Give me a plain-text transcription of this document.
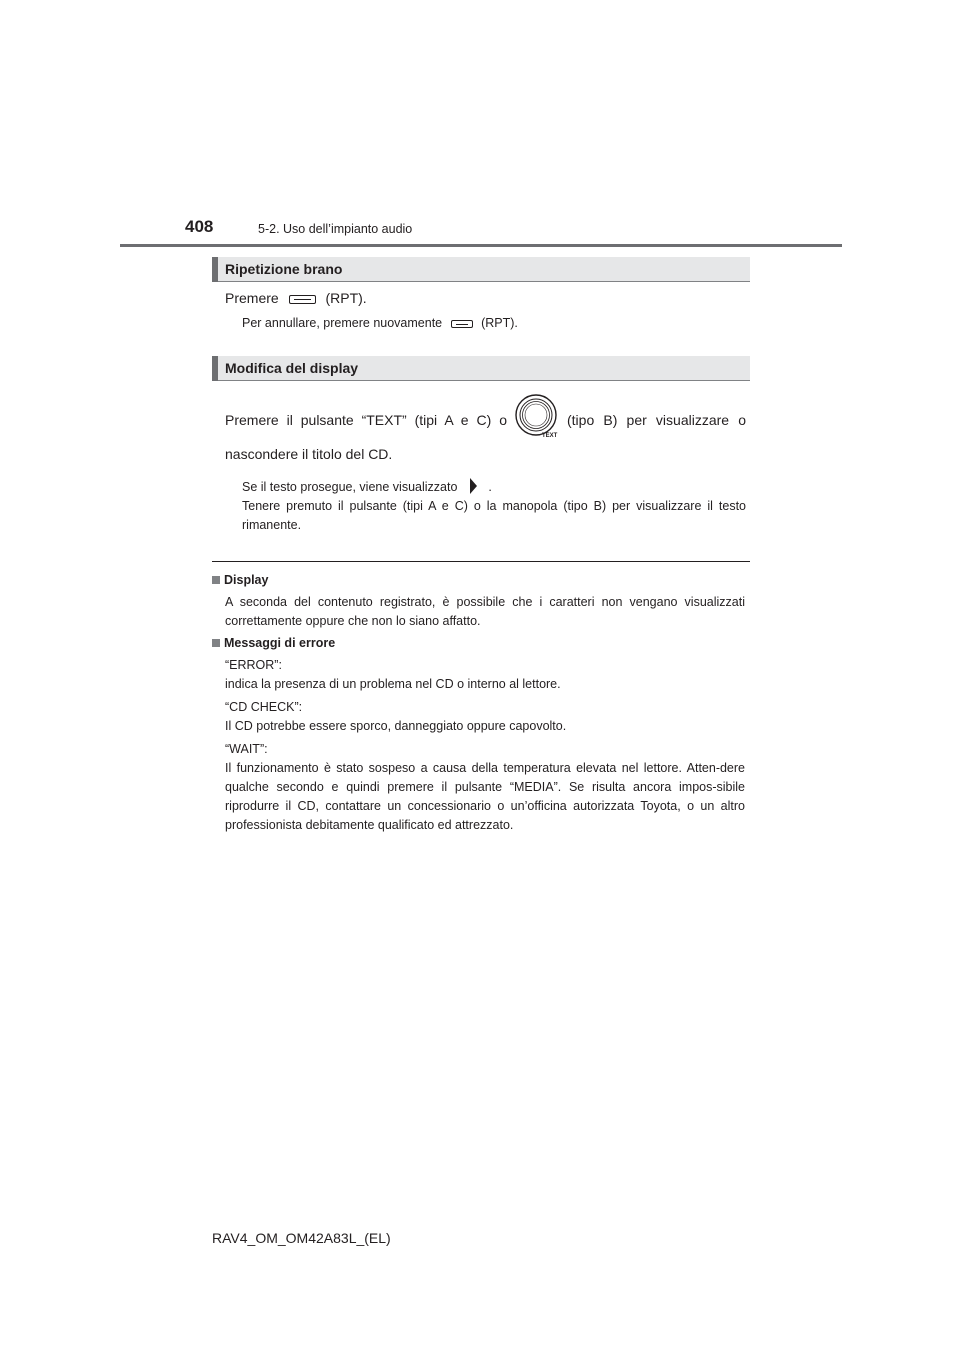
408	5-2. Uso dell’impianto audio
Ripetizione brano
Premere	(RPT).
Per annullare, premere nuovamente	(RPT).
Modifica del display
Premere il pulsante “TEXT” (tipi A e C) o
TEXT
(tipo B) per visualizzare o
nascondere il titolo del CD.
Se il testo prosegue, viene visualizzato .
Tenere premuto il pulsante (tipi A e C) o la manopola (tipo B) per visualizzare il testo rimanente.
Display
A seconda del contenuto registrato, è possibile che i caratteri non vengano visualizzati correttamente oppure che non lo siano affatto.
Messaggi di errore
“ERROR”:
indica la presenza di un problema nel CD o interno al lettore.
“CD CHECK”:
Il CD potrebbe essere sporco, danneggiato oppure capovolto.
“WAIT”:
Il funzionamento è stato sospeso a causa della temperatura elevata nel lettore. Atten-dere qualche secondo e quindi premere il pulsante “MEDIA”. Se risulta ancora impos-sibile riprodurre il CD, contattare un concessionario o un’officina autorizzata Toyota, o un altro professionista debitamente qualificato ed attrezzato.
RAV4_OM_OM42A83L_(EL)
